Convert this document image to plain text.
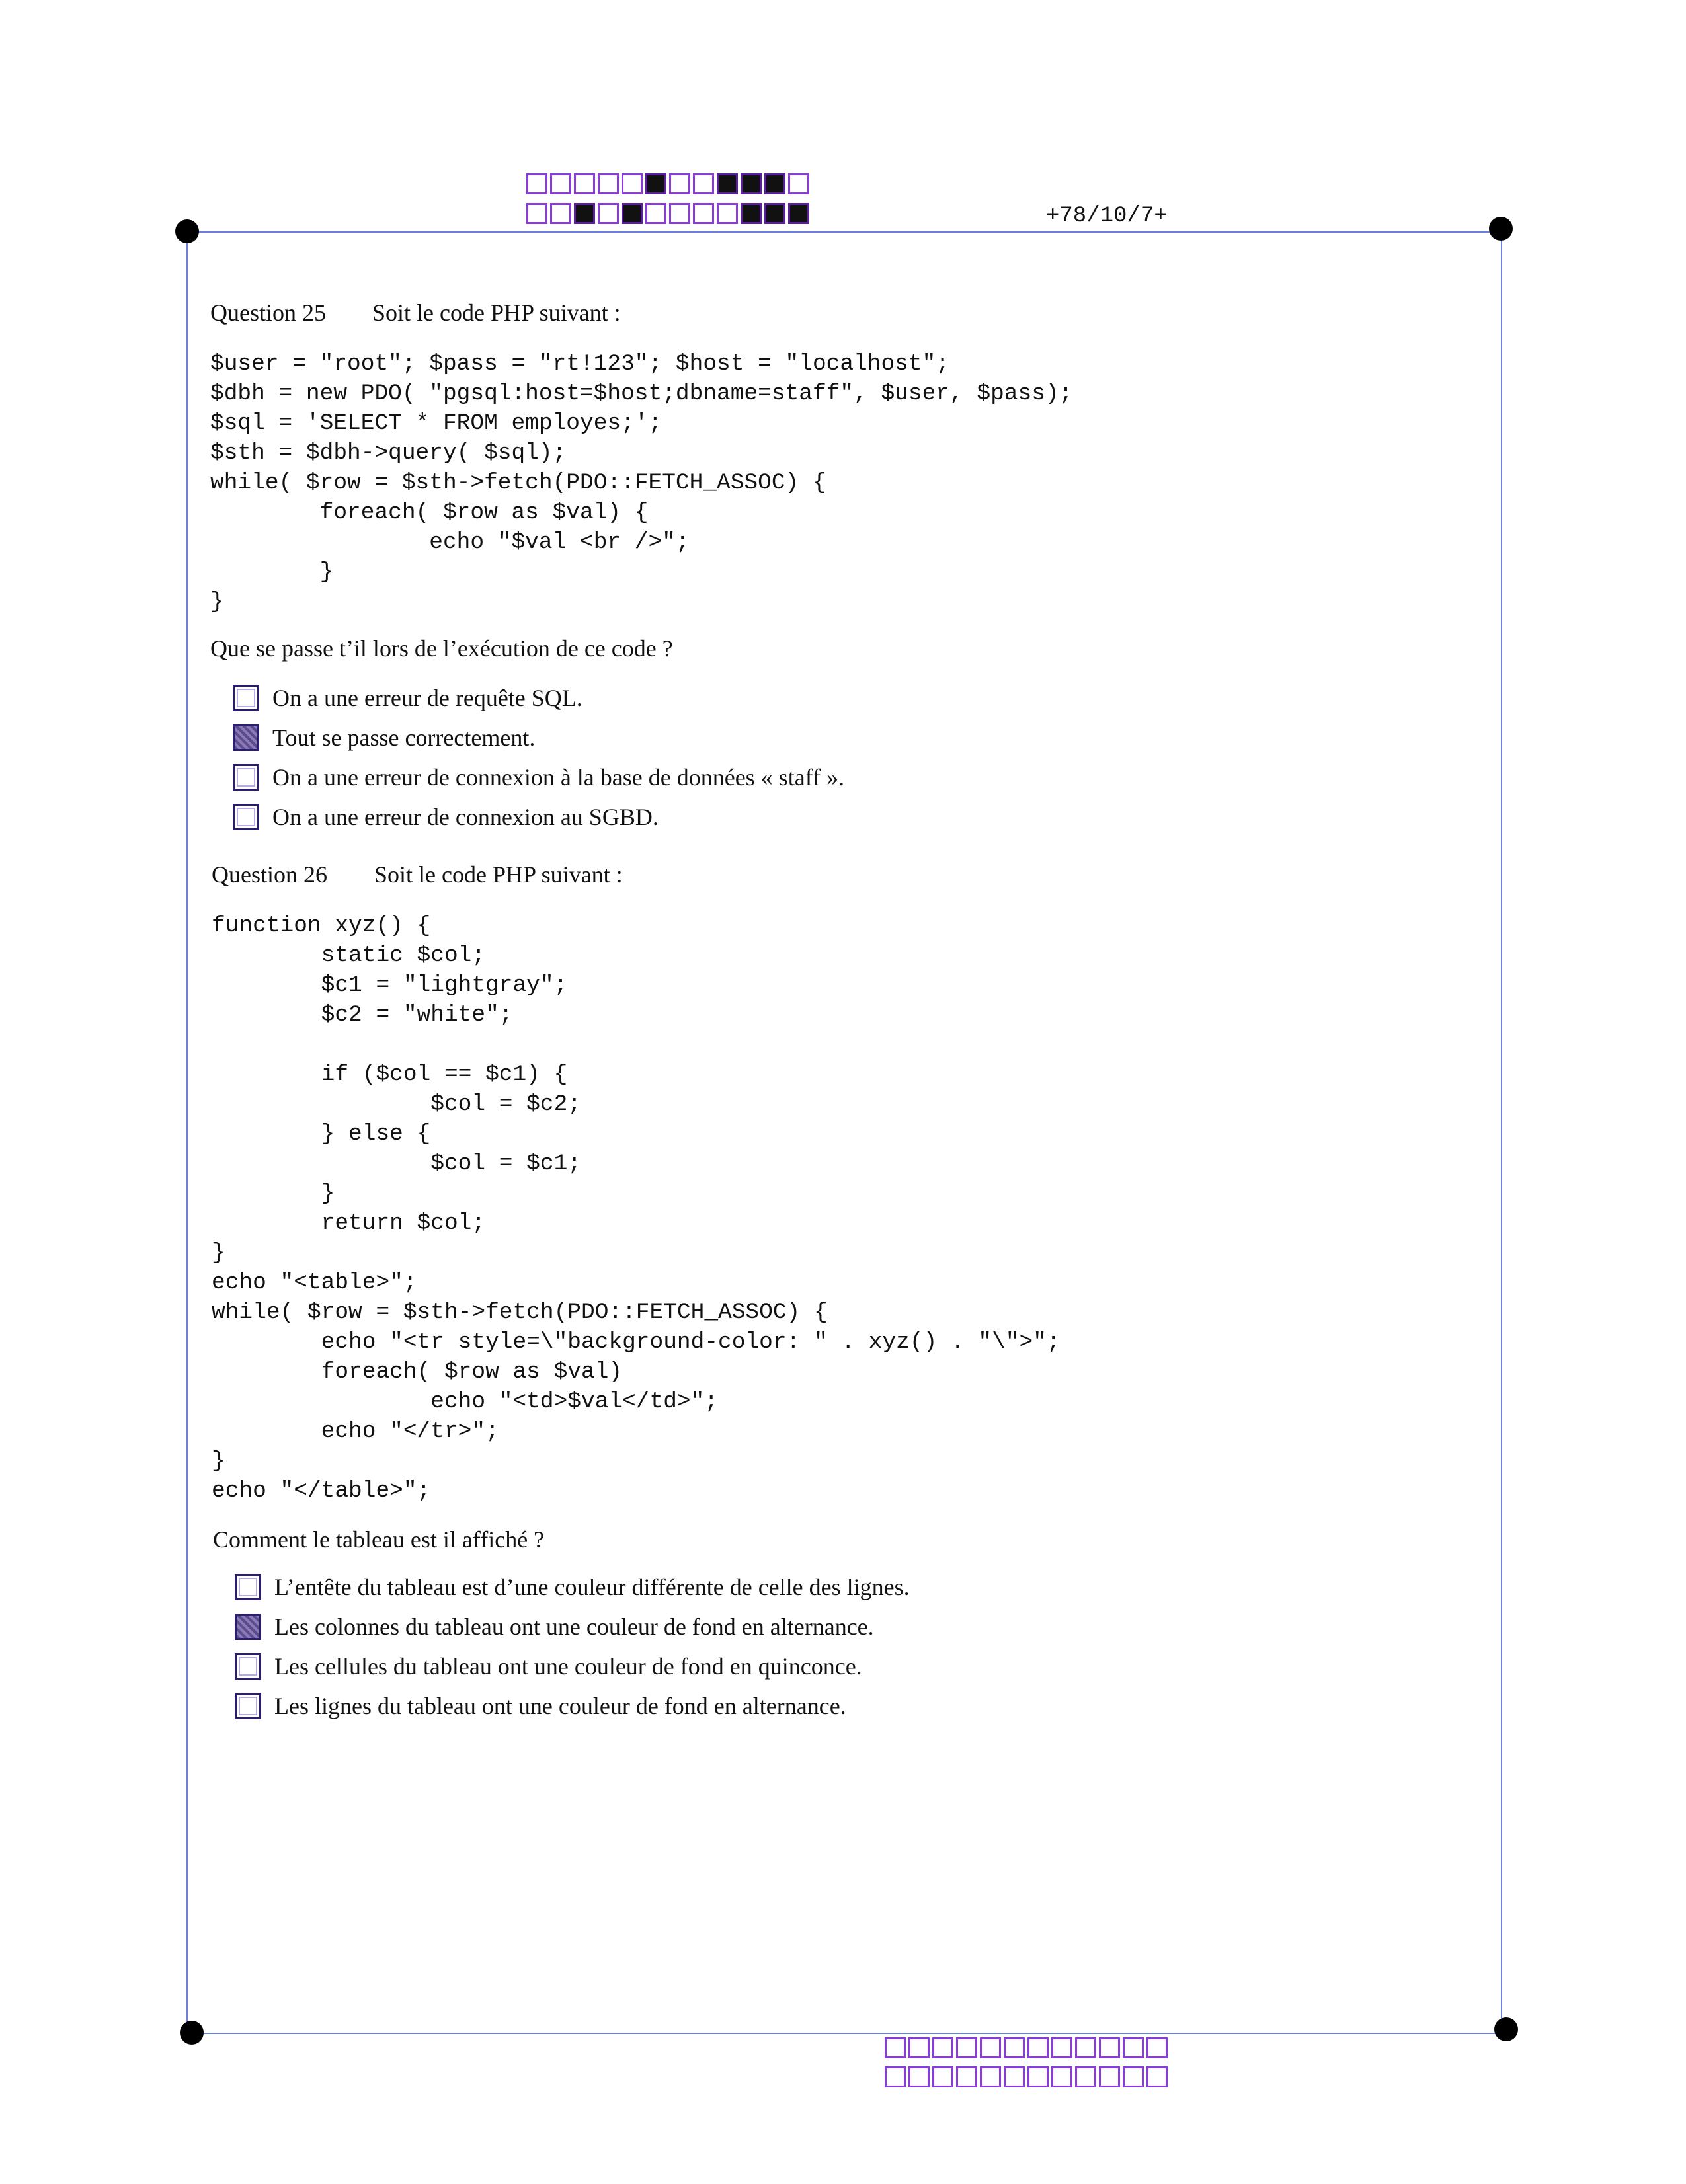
+78/10/7+
Question 25 Soit le code PHP suivant :
$user = "root"; $pass = "rt!123"; $host = "localhost";
$dbh = new PDO( "pgsql:host=$host;dbname=staff", $user, $pass);
$sql = 'SELECT * FROM employes;';
$sth = $dbh->query( $sql);
while( $row = $sth->fetch(PDO::FETCH_ASSOC) {
foreach( $row as $val) {
echo "$val <br />";
}
}
Que se passe t’il lors de l’exécution de ce code ?
On a une erreur de requête SQL.
Tout se passe correctement.
On a une erreur de connexion à la base de données « staff ».
On a une erreur de connexion au SGBD.
Question 26 Soit le code PHP suivant :
function xyz() {
static $col;
$c1 = "lightgray";
$c2 = "white";

if ($col == $c1) {
$col = $c2;
} else {
$col = $c1;
}
return $col;
}
echo "<table>";
while( $row = $sth->fetch(PDO::FETCH_ASSOC) {
echo "<tr style=\"background-color: " . xyz() . "\">";
foreach( $row as $val)
echo "<td>$val</td>";
echo "</tr>";
}
echo "</table>";
Comment le tableau est il affiché ?
L’entête du tableau est d’une couleur différente de celle des lignes.
Les colonnes du tableau ont une couleur de fond en alternance.
Les cellules du tableau ont une couleur de fond en quinconce.
Les lignes du tableau ont une couleur de fond en alternance.
